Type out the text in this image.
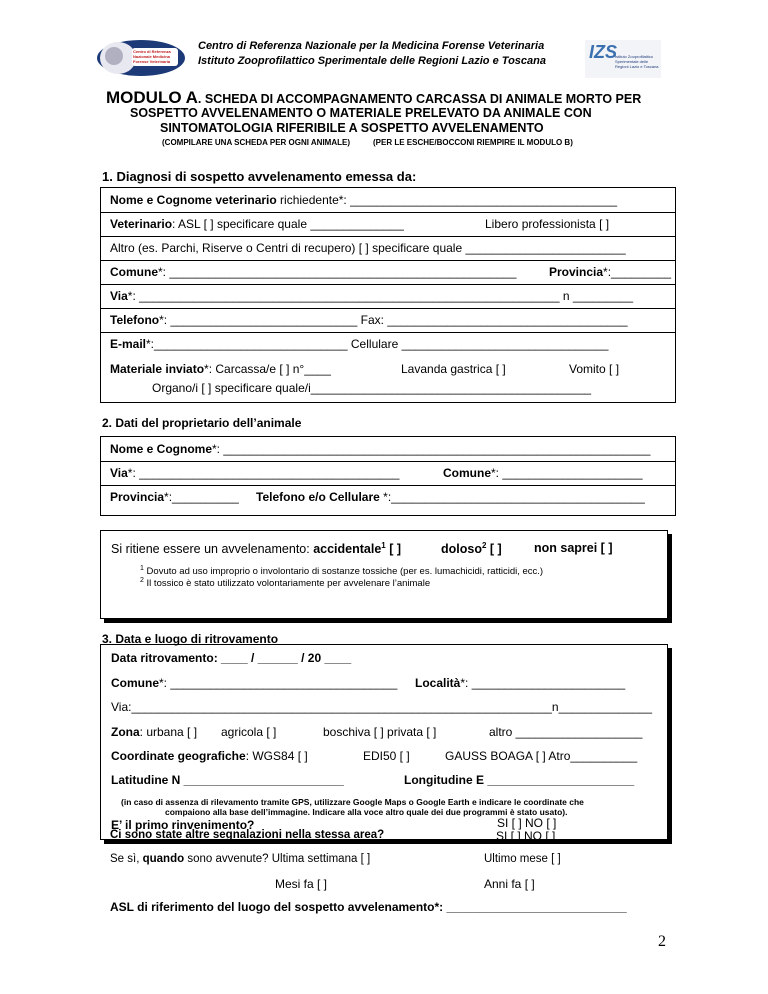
Centro di Referenza Nazionale Medicina Forense Veterinaria
Centro di Referenza Nazionale per la Medicina Forense Veterinaria
Istituto Zooprofilattico Sperimentale delle Regioni Lazio e Toscana IZS
Istituto Zooprofilattico Sperimentale delle Regioni Lazio e Toscana
MODULO A. SCHEDA DI ACCOMPAGNAMENTO CARCASSA DI ANIMALE MORTO PER
SOSPETTO AVVELENAMENTO O MATERIALE PRELEVATO DA ANIMALE CON
SINTOMATOLOGIA RIFERIBILE A SOSPETTO AVVELENAMENTO
(COMPILARE UNA SCHEDA PER OGNI ANIMALE)	(PER LE ESCHE/BOCCONI RIEMPIRE IL MODULO B)
1. Diagnosi di sospetto avvelenamento emessa da:
Nome e Cognome veterinario richiedente*: ________________________________________
Veterinario: ASL [ ] specificare quale ______________	Libero professionista [ ]
Altro (es. Parchi, Riserve o Centri di recupero) [ ] specificare quale ________________________
Comune*: ____________________________________________________	Provincia*:_________
Via*: _______________________________________________________________ n _________
Telefono*: ____________________________ Fax: ____________________________________
E-mail*:_____________________________ Cellulare _______________________________
Materiale inviato*: Carcassa/e [ ] n°____	Lavanda gastrica [ ]	Vomito [ ]
Organo/i [ ] specificare quale/i__________________________________________
2. Dati del proprietario dell’animale
Nome e Cognome*: ________________________________________________________________
Via*: _______________________________________	Comune*: _____________________
Provincia*:__________ Telefono e/o Cellulare *:______________________________________
Si ritiene essere un avvelenamento: accidentale$^1$ [ ]	doloso$^2$ [ ]	non saprei [ ]
$^1$ Dovuto ad uso improprio o involontario di sostanze tossiche (per es. lumachicidi, ratticidi, ecc.)
$^2$ Il tossico è stato utilizzato volontariamente per avvelenare l’animale
3. Data e luogo di ritrovamento
Data ritrovamento: ____ / ______ / 20 ____
Comune*: __________________________________ Località*: _______________________
Via:_______________________________________________________________n______________
Zona: urbana [ ] agricola [ ]	boschiva [ ] privata [ ]	altro ___________________
Coordinate geografiche: WGS84 [ ]	EDI50 [ ]	GAUSS BOAGA [ ] Atro__________
Latitudine N ________________________	Longitudine E ______________________
(in caso di assenza di rilevamento tramite GPS, utilizzare Google Maps o Google Earth e indicare le coordinate che
compaiono alla base dell’immagine. Indicare alla voce altro quale dei due programmi è stato usato).
E’ il primo rinvenimento?	SI [ ] NO [ ]
Ci sono state altre segnalazioni nella stessa area?	SI [ ] NO [ ]
Se sì, quando sono avvenute? Ultima settimana [ ]	Ultimo mese [ ]
Mesi fa [ ]	Anni fa [ ]
ASL di riferimento del luogo del sospetto avvelenamento*: ___________________________
2
